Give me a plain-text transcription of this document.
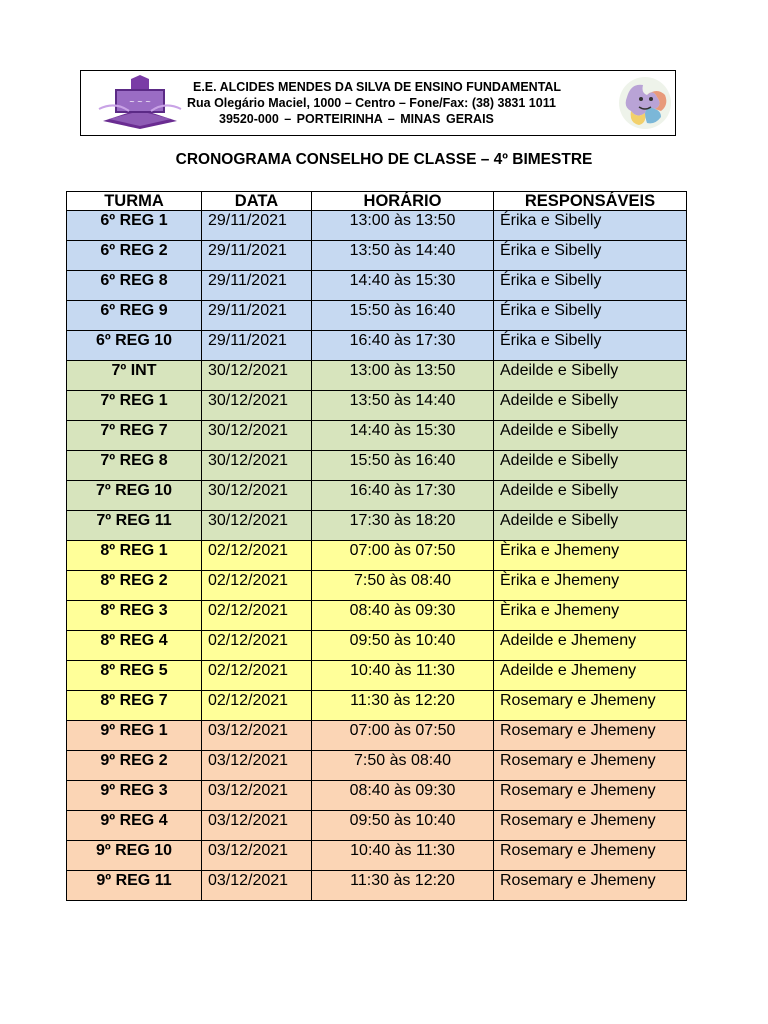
~ ~ ~
E.E. ALCIDES MENDES DA SILVA DE ENSINO FUNDAMENTAL
Rua Olegário Maciel, 1000 – Centro – Fone/Fax: (38) 3831 1011
39520-000 – PORTEIRINHA – MINAS GERAIS
CRONOGRAMA CONSELHO DE CLASSE – 4º BIMESTRE
TURMA	DATA	HORÁRIO	RESPONSÁVEIS
6º REG 1	29/11/2021	13:00 às 13:50	Érika e Sibelly
6º REG 2	29/11/2021	13:50 às 14:40	Érika e Sibelly
6º REG 8	29/11/2021	14:40 às 15:30	Érika e Sibelly
6º REG 9	29/11/2021	15:50 às 16:40	Érika e Sibelly
6º REG 10	29/11/2021	16:40 às 17:30	Érika e Sibelly
7º INT	30/12/2021	13:00 às 13:50	Adeilde e Sibelly
7º REG 1	30/12/2021	13:50 às 14:40	Adeilde e Sibelly
7º REG 7	30/12/2021	14:40 às 15:30	Adeilde e Sibelly
7º REG 8	30/12/2021	15:50 às 16:40	Adeilde e Sibelly
7º REG 10	30/12/2021	16:40 às 17:30	Adeilde e Sibelly
7º REG 11	30/12/2021	17:30 às 18:20	Adeilde e Sibelly
8º REG 1	02/12/2021	07:00 às 07:50	Èrika e Jhemeny
8º REG 2	02/12/2021	7:50 às 08:40	Èrika e Jhemeny
8º REG 3	02/12/2021	08:40 às 09:30	Èrika e Jhemeny
8º REG 4	02/12/2021	09:50 às 10:40	Adeilde e Jhemeny
8º REG 5	02/12/2021	10:40 às 11:30	Adeilde e Jhemeny
8º REG 7	02/12/2021	11:30 às 12:20	Rosemary e Jhemeny
9º REG 1	03/12/2021	07:00 às 07:50	Rosemary e Jhemeny
9º REG 2	03/12/2021	7:50 às 08:40	Rosemary e Jhemeny
9º REG 3	03/12/2021	08:40 às 09:30	Rosemary e Jhemeny
9º REG 4	03/12/2021	09:50 às 10:40	Rosemary e Jhemeny
9º REG 10	03/12/2021	10:40 às 11:30	Rosemary e Jhemeny
9º REG 11	03/12/2021	11:30 às 12:20	Rosemary e Jhemeny
